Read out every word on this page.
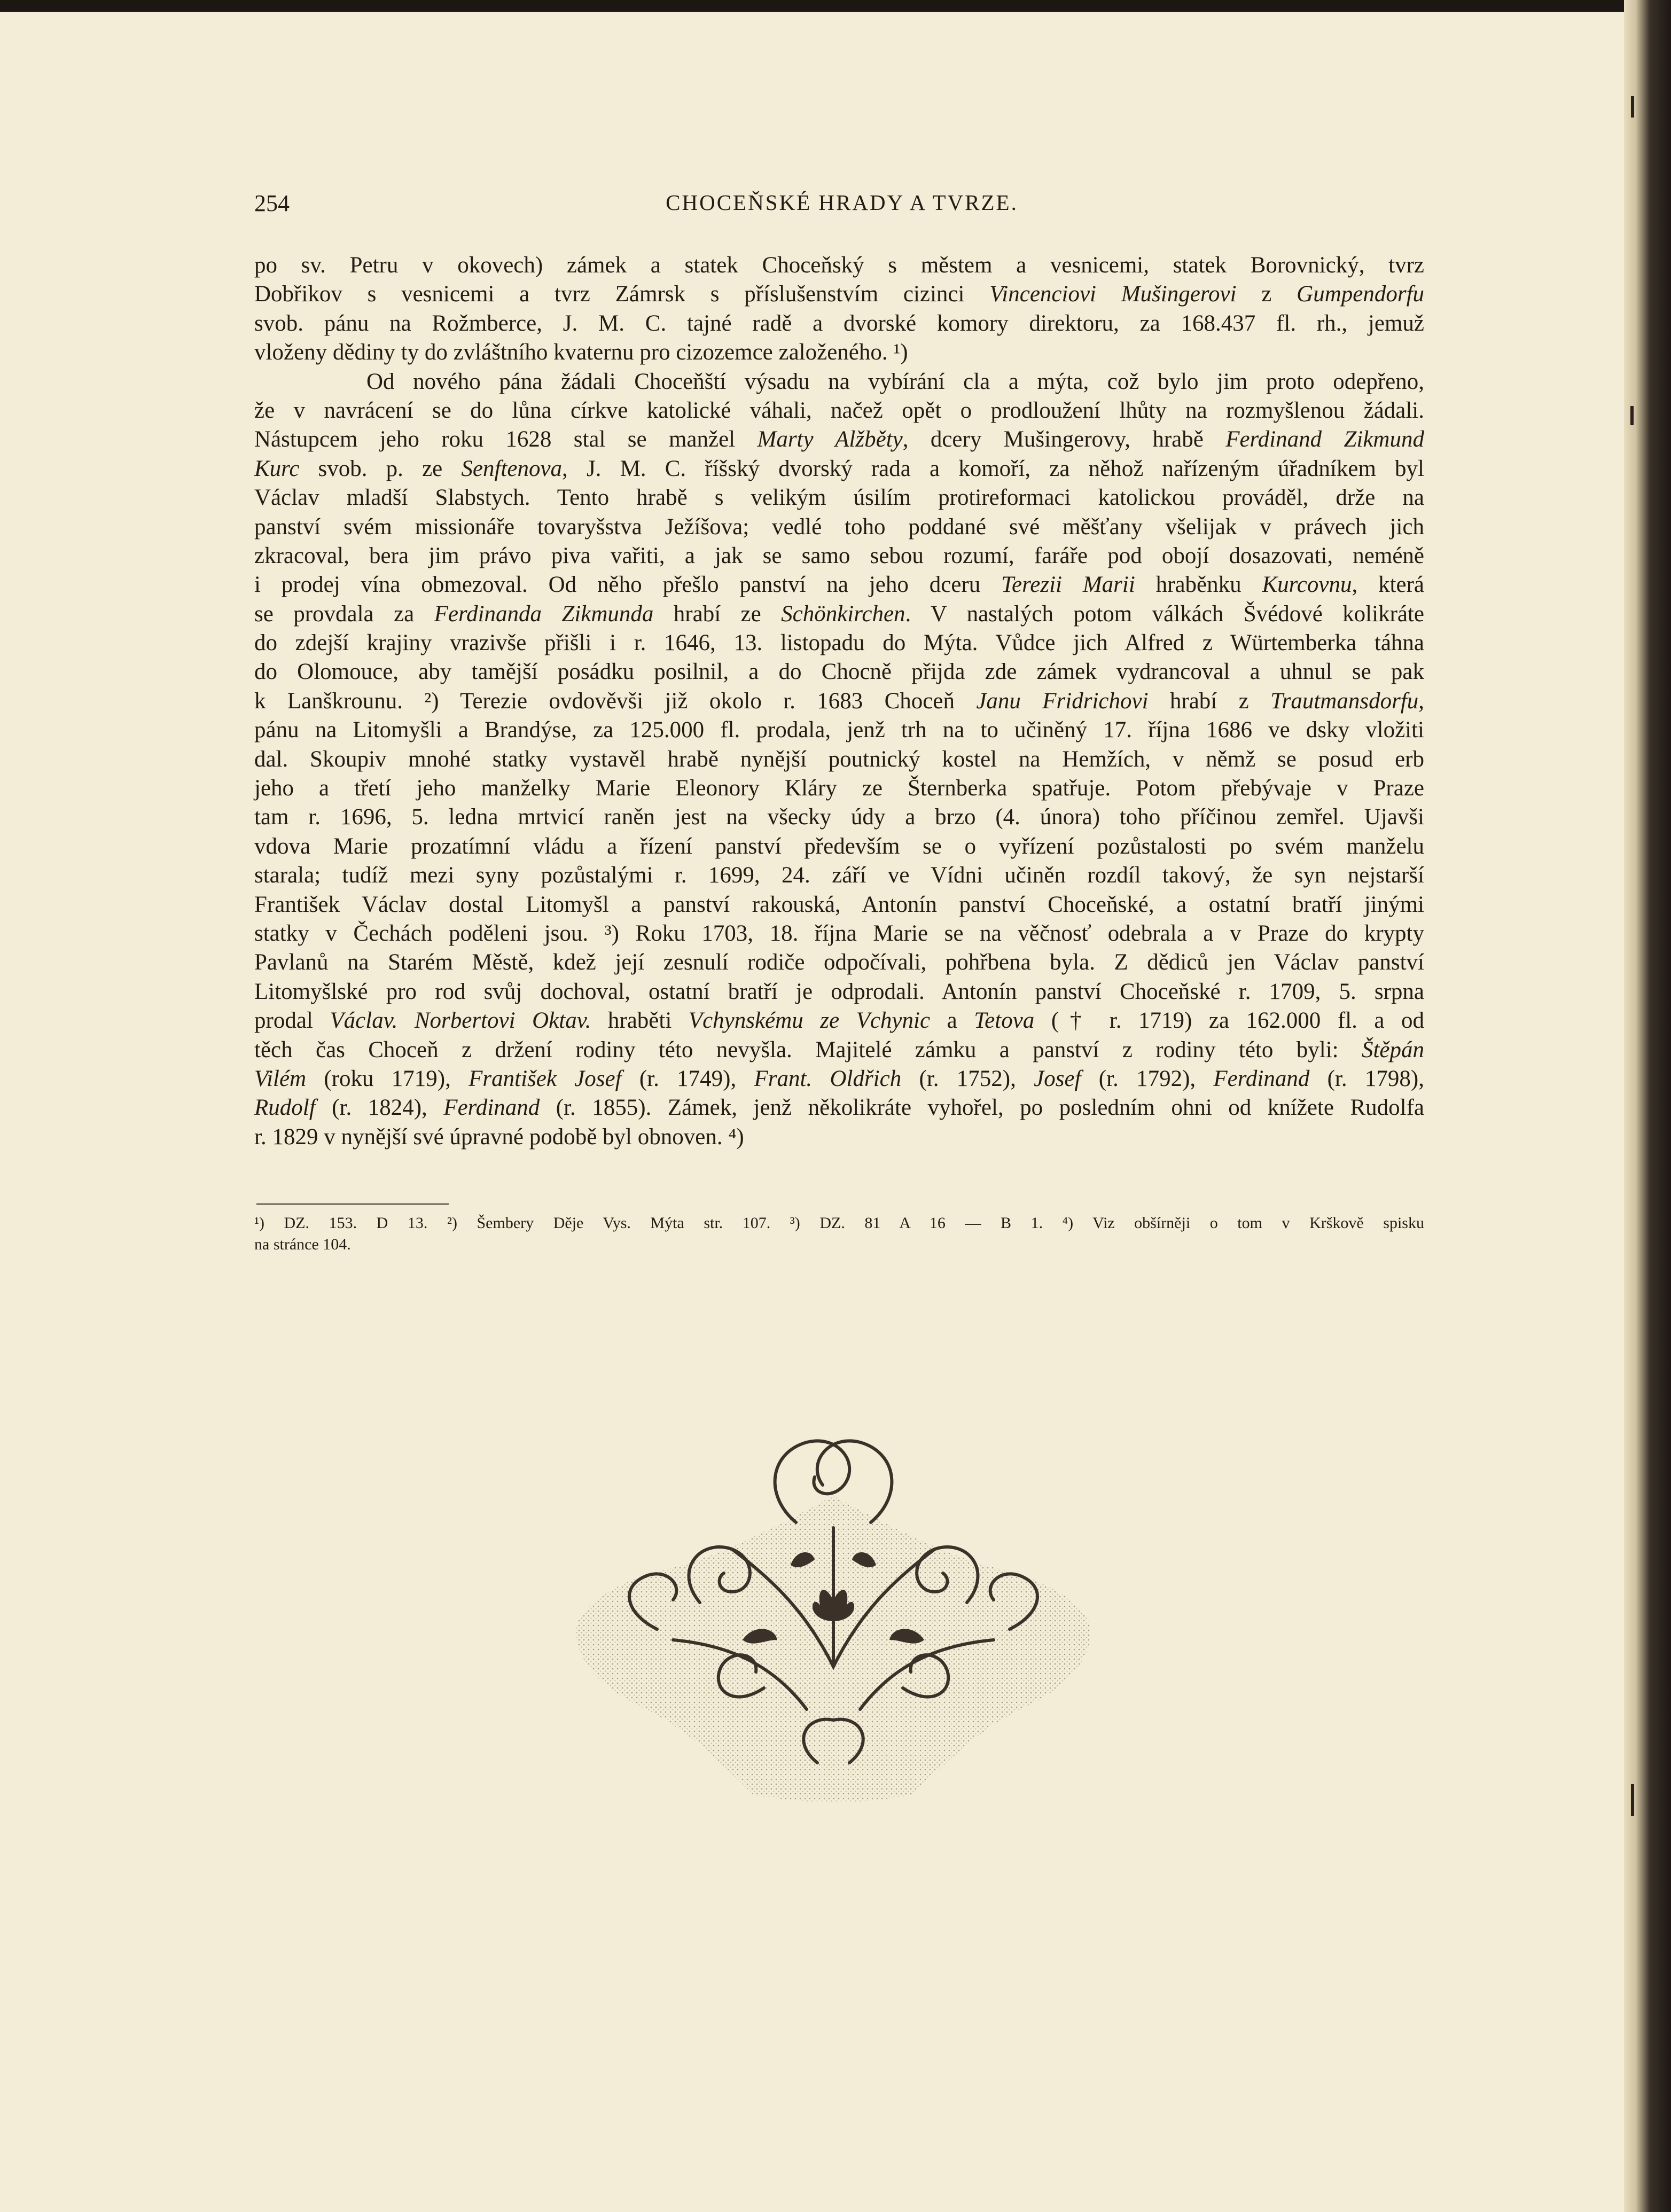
254	CHOCEŇSKÉ HRADY A TVRZE.
po sv. Petru v okovech) zámek a statek Choceňský s městem a vesnicemi, statek Borovnický, tvrz
Dobřikov s vesnicemi a tvrz Zámrsk s příslušenstvím cizinci Vincenciovi Mušingerovi z Gumpendorfu
svob. pánu na Rožmberce, J. M. C. tajné radě a dvorské komory direktoru, za 168.437 fl. rh., jemuž
vloženy dědiny ty do zvláštního kvaternu pro cizozemce založeného. ¹)
Od nového pána žádali Choceňští výsadu na vybírání cla a mýta, což bylo jim proto odepřeno,
že v navrácení se do lůna církve katolické váhali, načež opět o prodloužení lhůty na rozmyšlenou žádali.
Nástupcem jeho roku 1628 stal se manžel Marty Alžběty, dcery Mušingerovy, hrabě Ferdinand Zikmund
Kurc svob. p. ze Senftenova, J. M. C. říšský dvorský rada a komoří, za něhož nařízeným úřadníkem byl
Václav mladší Slabstych. Tento hrabě s velikým úsilím protireformaci katolickou prováděl, drže na
panství svém missionáře tovaryšstva Ježíšova; vedlé toho poddané své měšťany všelijak v právech jich
zkracoval, bera jim právo piva vařiti, a jak se samo sebou rozumí, faráře pod obojí dosazovati, neméně
i prodej vína obmezoval. Od něho přešlo panství na jeho dceru Terezii Marii hraběnku Kurcovnu, která
se provdala za Ferdinanda Zikmunda hrabí ze Schönkirchen. V nastalých potom válkách Švédové kolikráte
do zdejší krajiny vrazivše přišli i r. 1646, 13. listopadu do Mýta. Vůdce jich Alfred z Würtemberka táhna
do Olomouce, aby tamější posádku posilnil, a do Chocně přijda zde zámek vydrancoval a uhnul se pak
k Lanškrounu. ²) Terezie ovdověvši již okolo r. 1683 Choceň Janu Fridrichovi hrabí z Trautmansdorfu,
pánu na Litomyšli a Brandýse, za 125.000 fl. prodala, jenž trh na to učiněný 17. října 1686 ve dsky vložiti
dal. Skoupiv mnohé statky vystavěl hrabě nynější poutnický kostel na Hemžích, v němž se posud erb
jeho a třetí jeho manželky Marie Eleonory Kláry ze Šternberka spatřuje. Potom přebývaje v Praze
tam r. 1696, 5. ledna mrtvicí raněn jest na všecky údy a brzo (4. února) toho příčinou zemřel. Ujavši
vdova Marie prozatímní vládu a řízení panství především se o vyřízení pozůstalosti po svém manželu
starala; tudíž mezi syny pozůstalými r. 1699, 24. září ve Vídni učiněn rozdíl takový, že syn nejstarší
František Václav dostal Litomyšl a panství rakouská, Antonín panství Choceňské, a ostatní bratří jinými
statky v Čechách poděleni jsou. ³) Roku 1703, 18. října Marie se na věčnosť odebrala a v Praze do krypty
Pavlanů na Starém Městě, kdež její zesnulí rodiče odpočívali, pohřbena byla. Z dědiců jen Václav panství
Litomyšlské pro rod svůj dochoval, ostatní bratří je odprodali. Antonín panství Choceňské r. 1709, 5. srpna
prodal Václav. Norbertovi Oktav. hraběti Vchynskému ze Vchynic a Tetova († r. 1719) za 162.000 fl. a od
těch čas Choceň z držení rodiny této nevyšla. Majitelé zámku a panství z rodiny této byli: Štěpán
Vilém (roku 1719), František Josef (r. 1749), Frant. Oldřich (r. 1752), Josef (r. 1792), Ferdinand (r. 1798),
Rudolf (r. 1824), Ferdinand (r. 1855). Zámek, jenž několikráte vyhořel, po posledním ohni od knížete Rudolfa
r. 1829 v nynější své úpravné podobě byl obnoven. ⁴)
¹) DZ. 153. D 13. ²) Šembery Děje Vys. Mýta str. 107. ³) DZ. 81 A 16 — B 1. ⁴) Viz obšírněji o tom v Krškově spisku
na stránce 104.
